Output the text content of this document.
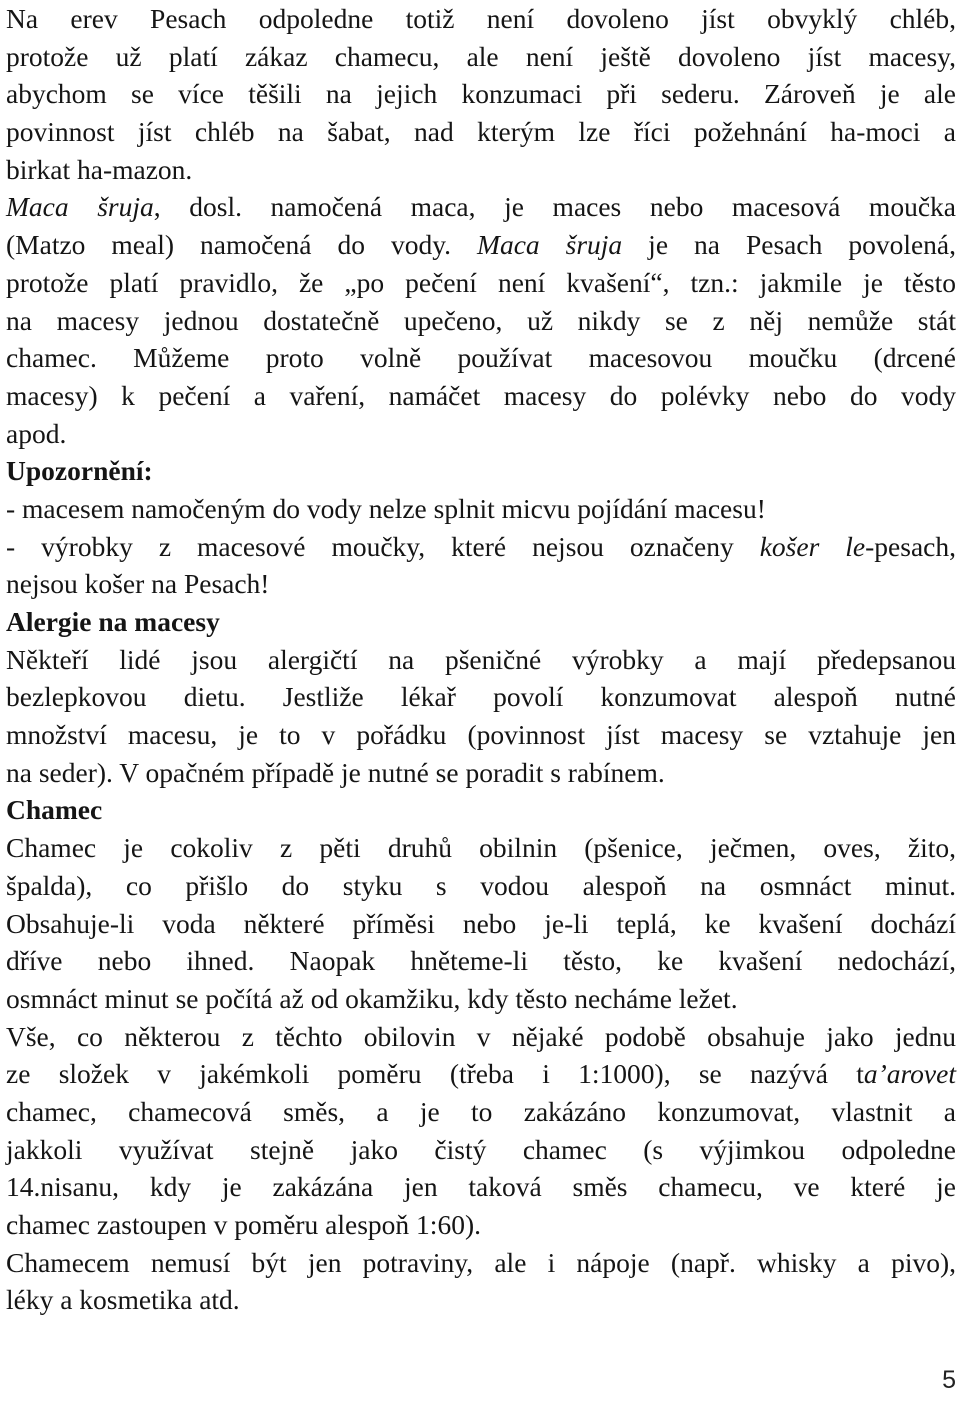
Na erev Pesach odpoledne totiž není dovoleno jíst obvyklý chléb,
protože už platí zákaz chamecu, ale není ještě dovoleno jíst macesy,
abychom se více těšili na jejich konzumaci při sederu. Zároveň je ale
povinnost jíst chléb na šabat, nad kterým lze říci požehnání ha-moci a
birkat ha-mazon.
Maca šruja, dosl. namočená maca, je maces nebo macesová moučka
(Matzo meal) namočená do vody. Maca šruja je na Pesach povolená,
protože platí pravidlo, že „po pečení není kvašení“, tzn.: jakmile je těsto
na macesy jednou dostatečně upečeno, už nikdy se z něj nemůže stát
chamec. Můžeme proto volně používat macesovou moučku (drcené
macesy) k pečení a vaření, namáčet macesy do polévky nebo do vody
apod.
Upozornění:
- macesem namočeným do vody nelze splnit micvu pojídání macesu!
- výrobky z macesové moučky, které nejsou označeny košer le-pesach,
nejsou košer na Pesach!
Alergie na macesy
Někteří lidé jsou alergičtí na pšeničné výrobky a mají předepsanou
bezlepkovou dietu. Jestliže lékař povolí konzumovat alespoň nutné
množství macesu, je to v pořádku (povinnost jíst macesy se vztahuje jen
na seder). V opačném případě je nutné se poradit s rabínem.
Chamec
Chamec je cokoliv z pěti druhů obilnin (pšenice, ječmen, oves, žito,
špalda), co přišlo do styku s vodou alespoň na osmnáct minut.
Obsahuje-li voda některé příměsi nebo je-li teplá, ke kvašení dochází
dříve nebo ihned. Naopak hněteme-li těsto, ke kvašení nedochází,
osmnáct minut se počítá až od okamžiku, kdy těsto necháme ležet.
Vše, co některou z těchto obilovin v nějaké podobě obsahuje jako jednu
ze složek v jakémkoli poměru (třeba i 1:1000), se nazývá ta’arovet
chamec, chamecová směs, a je to zakázáno konzumovat, vlastnit a
jakkoli využívat stejně jako čistý chamec (s výjimkou odpoledne
14.nisanu, kdy je zakázána jen taková směs chamecu, ve které je
chamec zastoupen v poměru alespoň 1:60).
Chamecem nemusí být jen potraviny, ale i nápoje (např. whisky a pivo),
léky a kosmetika atd.
5
